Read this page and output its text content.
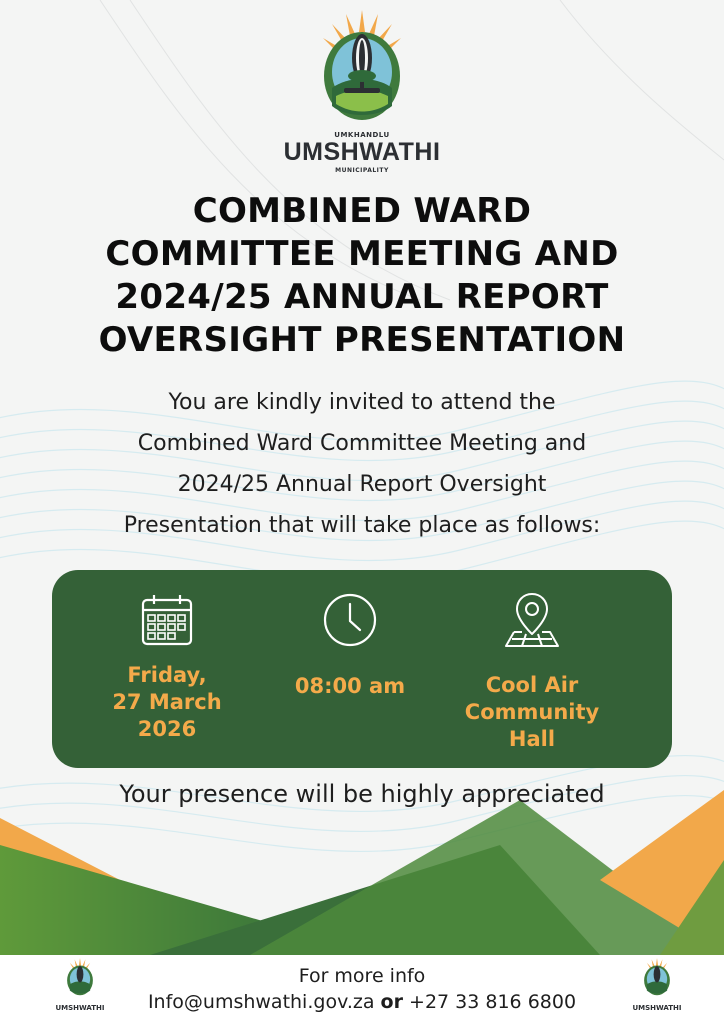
UMKHANDLU
UMSHWATHI
MUNICIPALITY
COMBINED WARD
COMMITTEE MEETING AND
2024/25 ANNUAL REPORT
OVERSIGHT PRESENTATION
You are kindly invited to attend the
Combined Ward Committee Meeting and
2024/25 Annual Report Oversight
Presentation that will take place as follows:
Friday,
27 March
2026
08:00 am	Cool Air
Community
Hall
Your presence will be highly appreciated
UMSHWATHI
For more info
Info@umshwathi.gov.za or +27 33 816 6800	UMSHWATHI
